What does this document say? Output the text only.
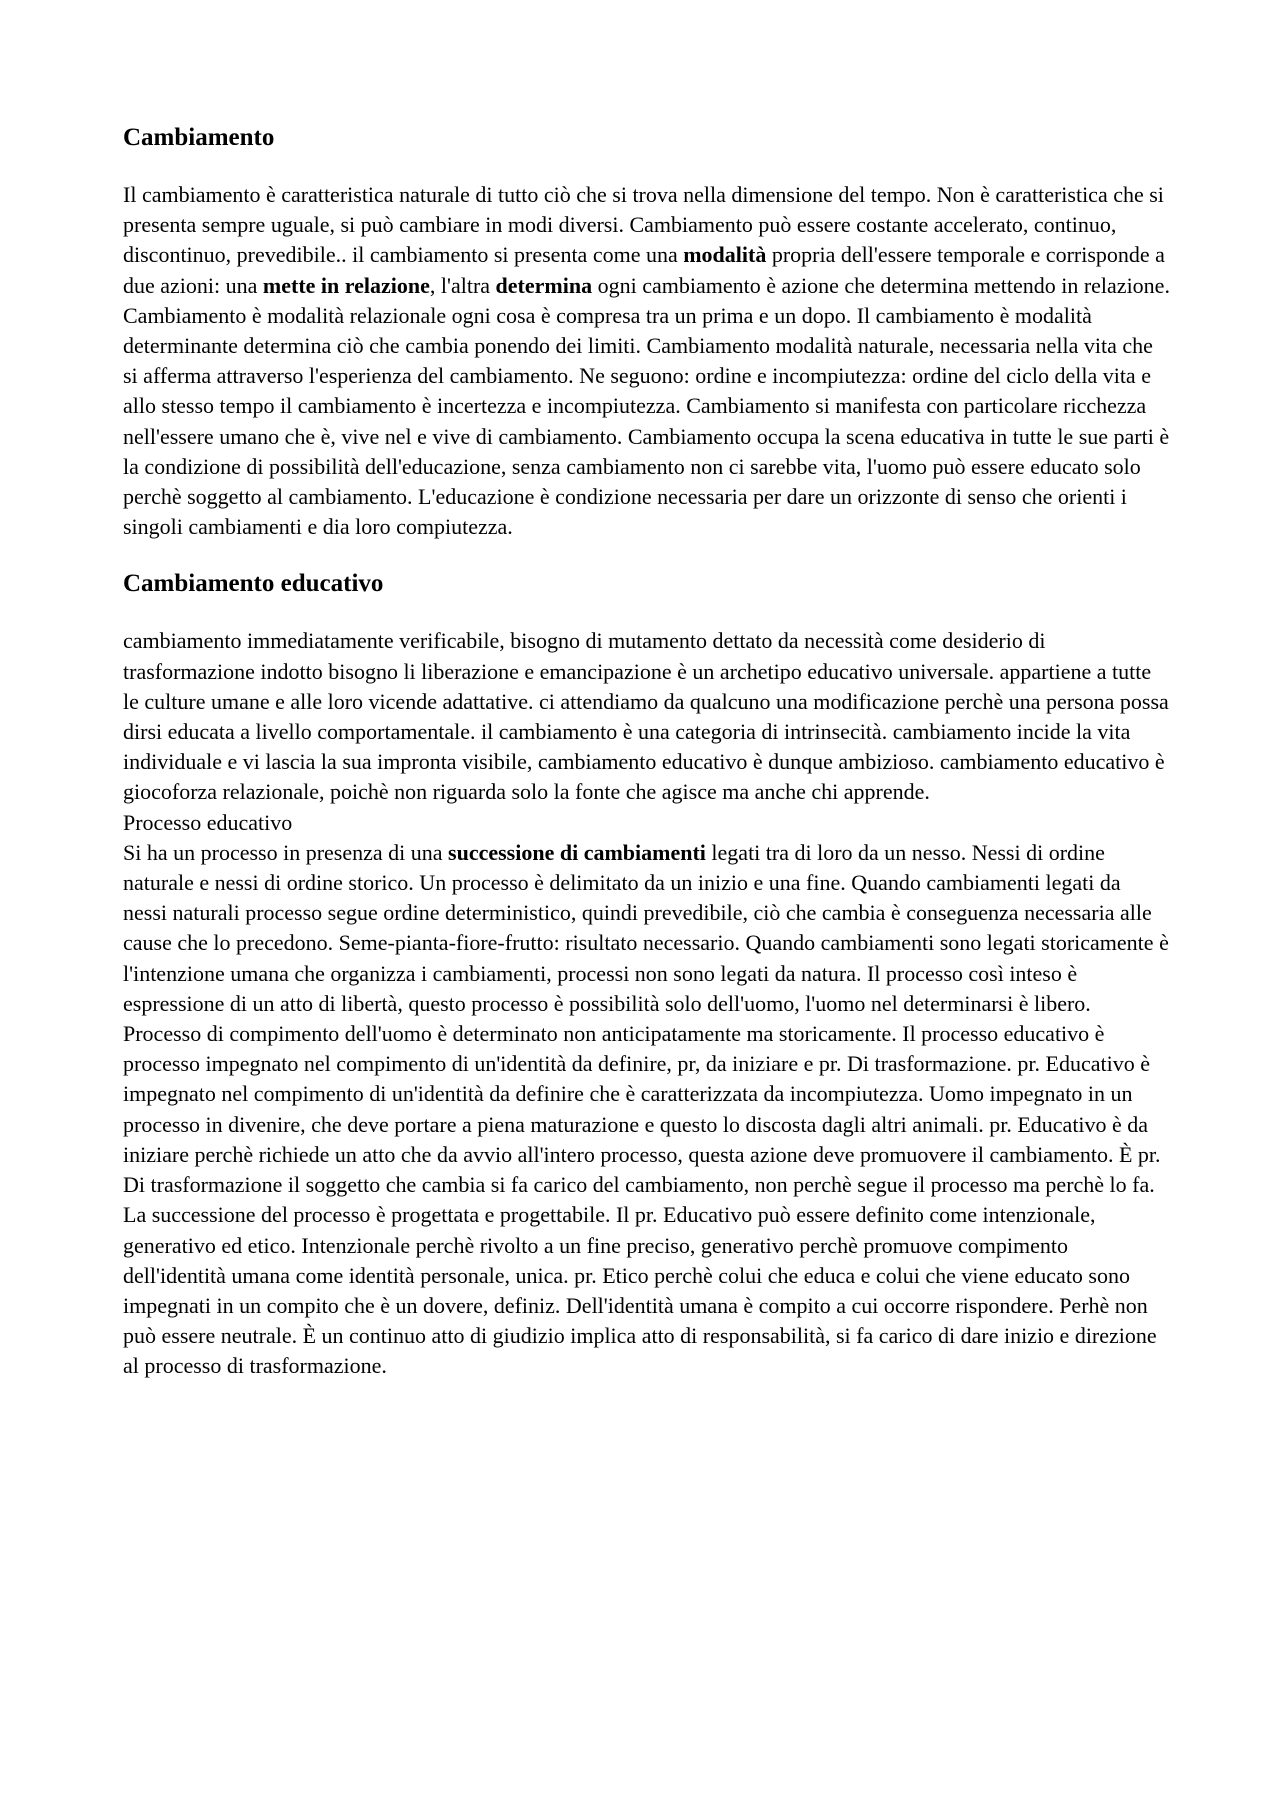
Cambiamento

Il cambiamento è caratteristica naturale di tutto ciò che si trova nella dimensione del tempo. Non è caratteristica che si presenta sempre uguale, si può cambiare in modi diversi. Cambiamento può essere costante accelerato, continuo, discontinuo, prevedibile.. il cambiamento si presenta come una modalità propria dell'essere temporale e corrisponde a due azioni: una mette in relazione, l'altra determina ogni cambiamento è azione che determina mettendo in relazione. Cambiamento è modalità relazionale ogni cosa è compresa tra un prima e un dopo. Il cambiamento è modalità determinante determina ciò che cambia ponendo dei limiti. Cambiamento modalità naturale, necessaria nella vita che si afferma attraverso l'esperienza del cambiamento. Ne seguono: ordine e incompiutezza: ordine del ciclo della vita e allo stesso tempo il cambiamento è incertezza e incompiutezza. Cambiamento si manifesta con particolare ricchezza nell'essere umano che è, vive nel e vive di cambiamento. Cambiamento occupa la scena educativa in tutte le sue parti è la condizione di possibilità dell'educazione, senza cambiamento non ci sarebbe vita, l'uomo può essere educato solo perchè soggetto al cambiamento. L'educazione è condizione necessaria per dare un orizzonte di senso che orienti i singoli cambiamenti e dia loro compiutezza.

Cambiamento educativo

cambiamento immediatamente verificabile, bisogno di mutamento dettato da necessità come desiderio di trasformazione indotto bisogno li liberazione e emancipazione è un archetipo educativo universale. appartiene a tutte le culture umane e alle loro vicende adattative. ci attendiamo da qualcuno una modificazione perchè una persona possa dirsi educata a livello comportamentale. il cambiamento è una categoria di intrinsecità. cambiamento incide la vita individuale e vi lascia la sua impronta visibile, cambiamento educativo è dunque ambizioso. cambiamento educativo è giocoforza relazionale, poichè non riguarda solo la fonte che agisce ma anche chi apprende.

Processo educativo

Si ha un processo in presenza di una successione di cambiamenti legati tra di loro da un nesso. Nessi di ordine naturale e nessi di ordine storico. Un processo è delimitato da un inizio e una fine. Quando cambiamenti legati da nessi naturali processo segue ordine deterministico, quindi prevedibile, ciò che cambia è conseguenza necessaria alle cause che lo precedono. Seme-pianta-fiore-frutto: risultato necessario. Quando cambiamenti sono legati storicamente è l'intenzione umana che organizza i cambiamenti, processi non sono legati da natura. Il processo così inteso è espressione di un atto di libertà, questo processo è possibilità solo dell'uomo, l'uomo nel determinarsi è libero. Processo di compimento dell'uomo è determinato non anticipatamente ma storicamente. Il processo educativo è processo impegnato nel compimento di un'identità da definire, pr, da iniziare e pr. Di trasformazione. pr. Educativo è impegnato nel compimento di un'identità da definire che è caratterizzata da incompiutezza. Uomo impegnato in un processo in divenire, che deve portare a piena maturazione e questo lo discosta dagli altri animali. pr. Educativo è da iniziare perchè richiede un atto che da avvio all'intero processo, questa azione deve promuovere il cambiamento. È pr. Di trasformazione il soggetto che cambia si fa carico del cambiamento, non perchè segue il processo ma perchè lo fa. La successione del processo è progettata e progettabile. Il pr. Educativo può essere definito come intenzionale, generativo ed etico. Intenzionale perchè rivolto a un fine preciso, generativo perchè promuove compimento dell'identità umana come identità personale, unica. pr. Etico perchè colui che educa e colui che viene educato sono impegnati in un compito che è un dovere, definiz. Dell'identità umana è compito a cui occorre rispondere. Perhè non può essere neutrale. È un continuo atto di giudizio implica atto di responsabilità, si fa carico di dare inizio e direzione al processo di trasformazione.
